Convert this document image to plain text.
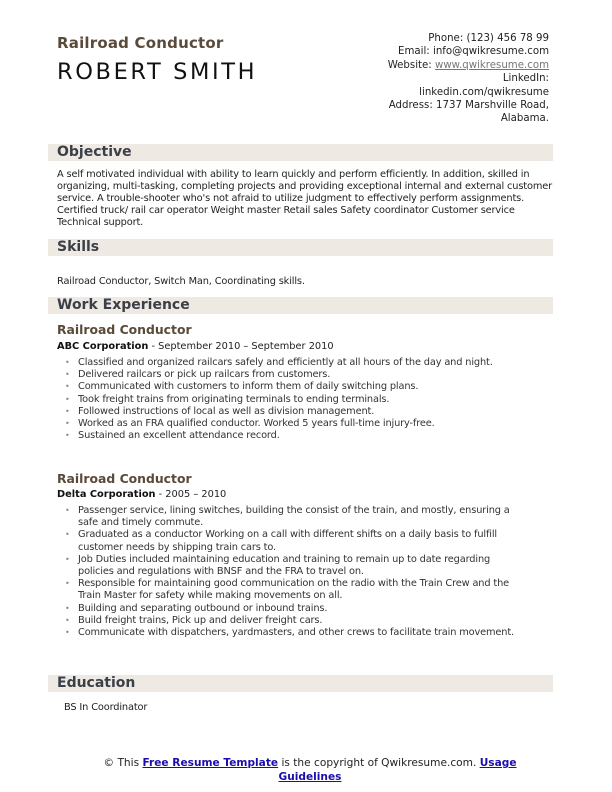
Railroad Conductor
ROBERT SMITH
Phone: (123) 456 78 99
Email: info@qwikresume.com
Website: www.qwikresume.com
LinkedIn:
linkedin.com/qwikresume
Address: 1737 Marshville Road,
Alabama.
Objective
A self motivated individual with ability to learn quickly and perform efficiently. In addition, skilled in organizing, multi-tasking, completing projects and providing exceptional internal and external customer service. A trouble-shooter who's not afraid to utilize judgment to effectively perform assignments. Certified truck/ rail car operator Weight master Retail sales Safety coordinator Customer service Technical support.
Skills
Railroad Conductor, Switch Man, Coordinating skills.
Work Experience
Railroad Conductor
ABC Corporation - September 2010 – September 2010
• Classified and organized railcars safely and efficiently at all hours of the day and night.
• Delivered railcars or pick up railcars from customers.
• Communicated with customers to inform them of daily switching plans.
• Took freight trains from originating terminals to ending terminals.
• Followed instructions of local as well as division management.
• Worked as an FRA qualified conductor. Worked 5 years full-time injury-free.
• Sustained an excellent attendance record.
Railroad Conductor
Delta Corporation - 2005 – 2010
• Passenger service, lining switches, building the consist of the train, and mostly, ensuring a safe and timely commute.
• Graduated as a conductor Working on a call with different shifts on a daily basis to fulfill customer needs by shipping train cars to.
• Job Duties included maintaining education and training to remain up to date regarding policies and regulations with BNSF and the FRA to travel on.
• Responsible for maintaining good communication on the radio with the Train Crew and the Train Master for safety while making movements on all.
• Building and separating outbound or inbound trains.
• Build freight trains, Pick up and deliver freight cars.
• Communicate with dispatchers, yardmasters, and other crews to facilitate train movement.
Education
BS In Coordinator
© This Free Resume Template is the copyright of Qwikresume.com. Usage Guidelines
